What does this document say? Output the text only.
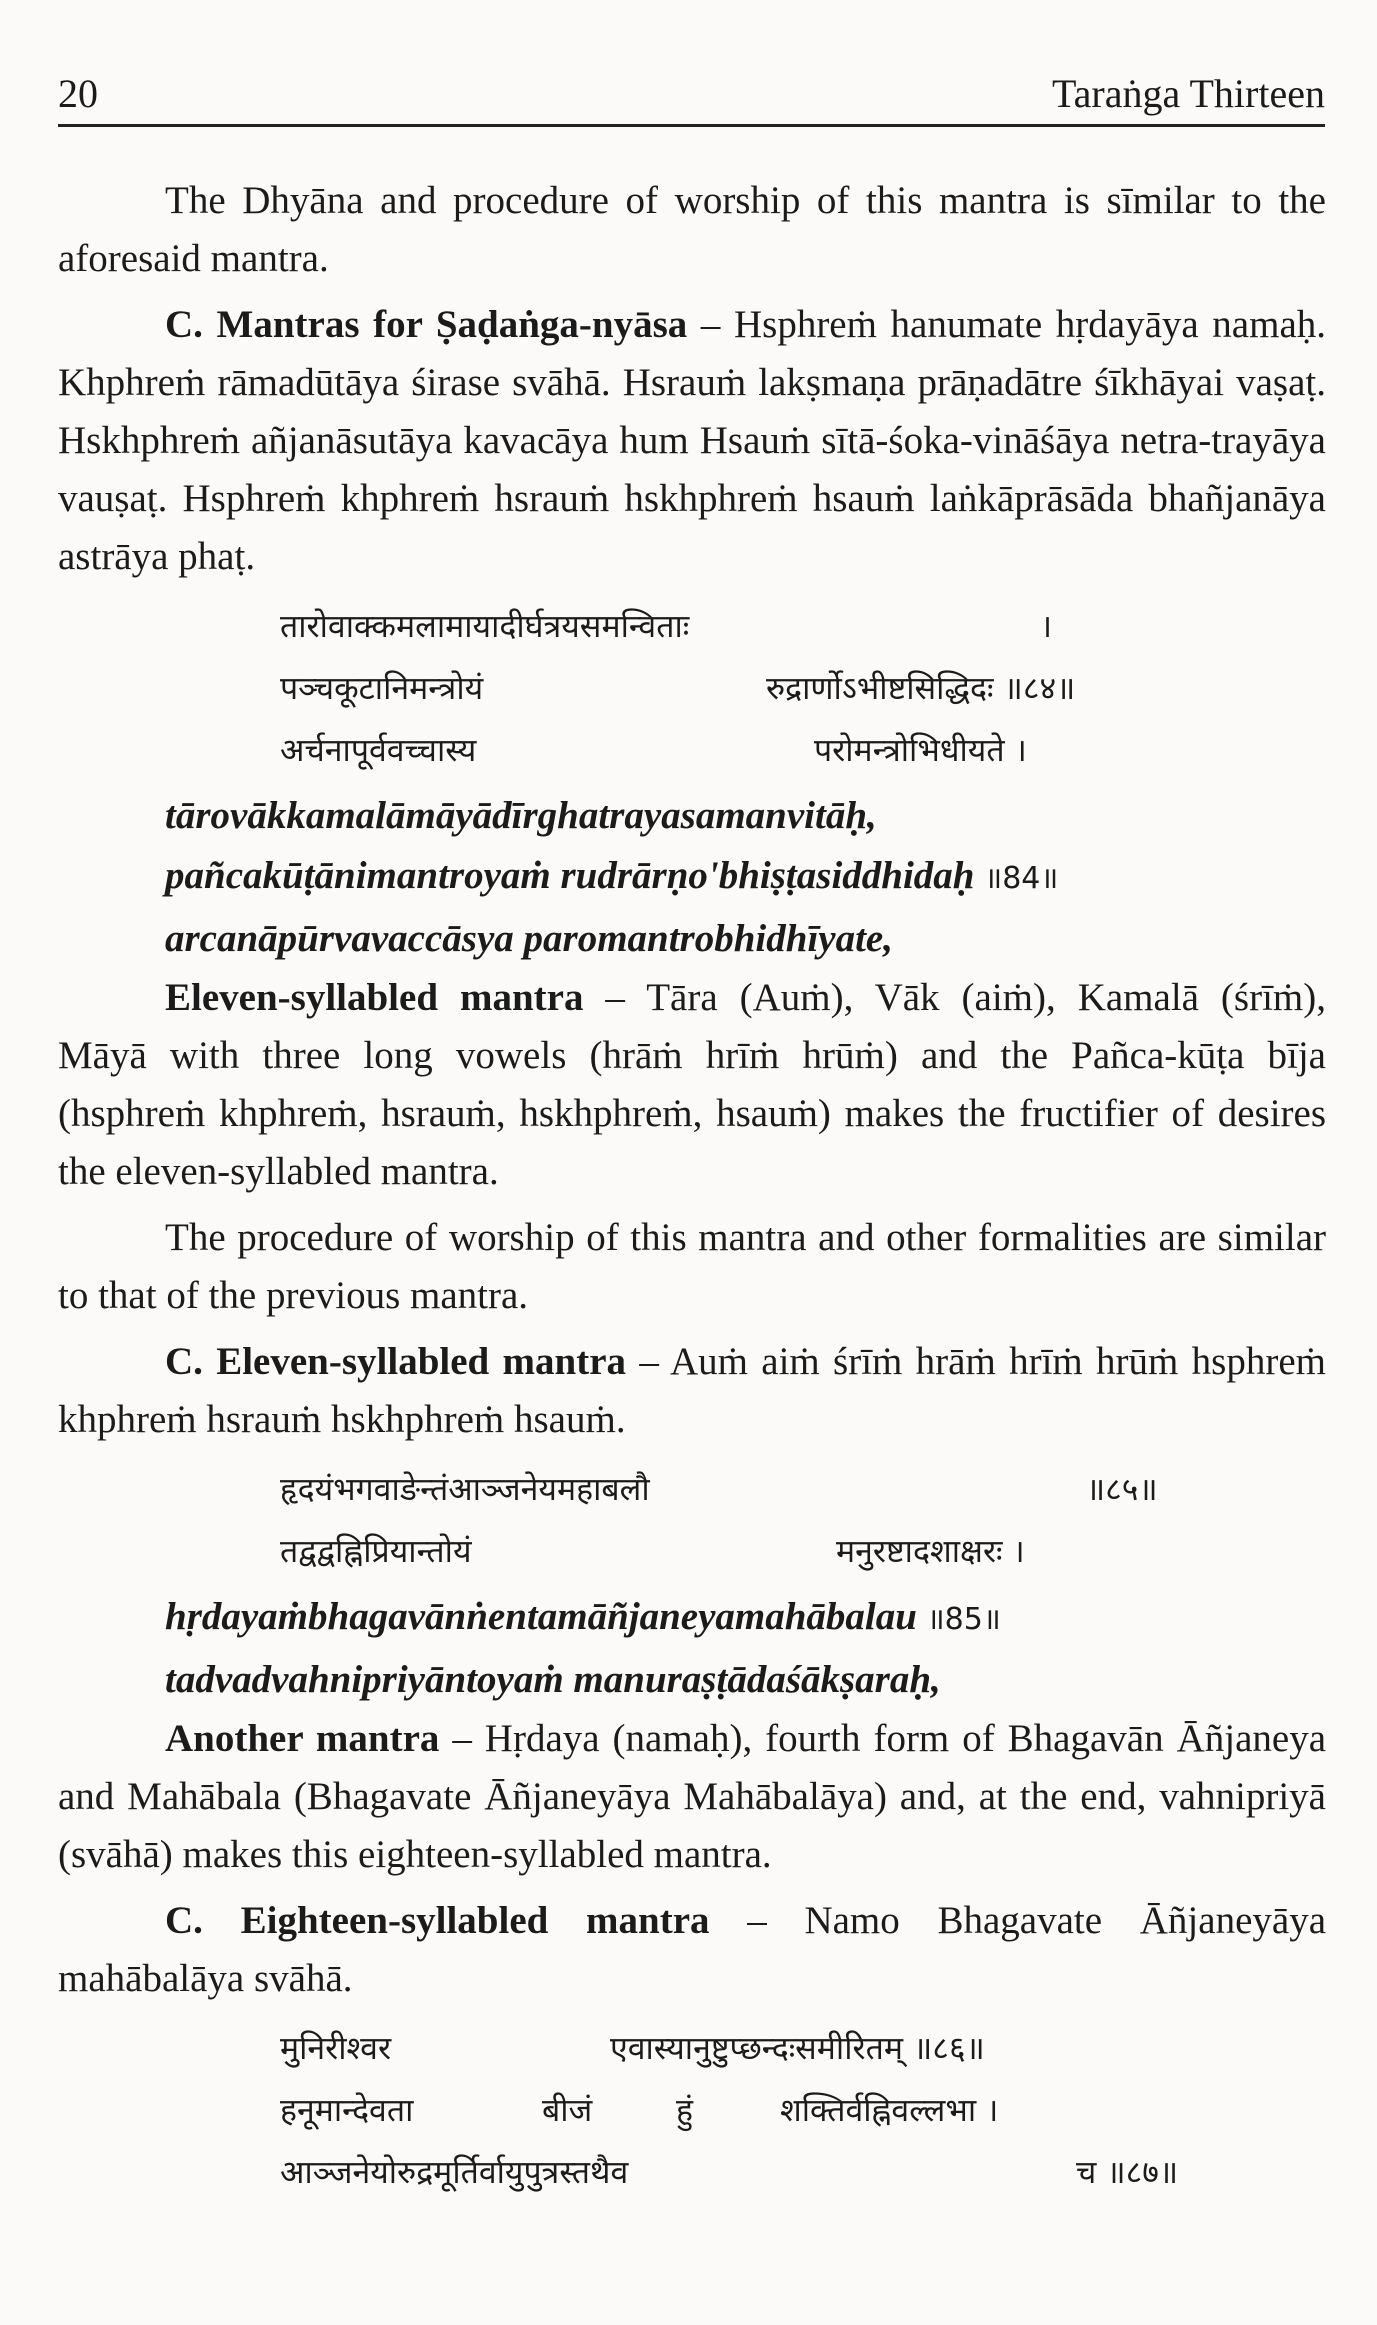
20	Taraṅga Thirteen

The Dhyāna and procedure of worship of this mantra is sīmilar to the aforesaid mantra.

C. Mantras for Ṣaḍaṅga-nyāsa – Hsphreṁ hanumate hṛdayāya namaḥ. Khphreṁ rāmadūtāya śirase svāhā. Hsrauṁ lakṣmaṇa prāṇadātre śīkhāyai vaṣaṭ. Hskhphreṁ añjanāsutāya kavacāya hum Hsauṁ sītā-śoka-vināśāya netra-trayāya vauṣaṭ. Hsphreṁ khphreṁ hsrauṁ hskhphreṁ hsauṁ laṅkāprāsāda bhañjanāya astrāya phaṭ.

तारोवाक्कमलामायादीर्घत्रयसमन्विताः	।
पञ्चकूटानिमन्त्रोयं	रुद्रार्णोऽभीष्टसिद्धिदः ॥८४॥
अर्चनापूर्ववच्चास्य	परोमन्त्रोभिधीयते ।
tārovākkamalāmāyādīrghatrayasamanvitāḥ,
pañcakūṭānimantroyaṁ rudrārṇo'bhiṣṭasiddhidaḥ ॥84॥
arcanāpūrvavaccāsya paromantrobhidhīyate,

Eleven-syllabled mantra – Tāra (Auṁ), Vāk (aiṁ), Kamalā (śrīṁ), Māyā with three long vowels (hrāṁ hrīṁ hrūṁ) and the Pañca-kūṭa bīja (hsphreṁ khphreṁ, hsrauṁ, hskhphreṁ, hsauṁ) makes the fructifier of desires the eleven-syllabled mantra.

The procedure of worship of this mantra and other formalities are similar to that of the previous mantra.

C. Eleven-syllabled mantra – Auṁ aiṁ śrīṁ hrāṁ hrīṁ hrūṁ hsphreṁ khphreṁ hsrauṁ hskhphreṁ hsauṁ.

हृदयंभगवाङेन्तंआञ्जनेयमहाबलौ	॥८५॥
तद्वद्वह्निप्रियान्तोयं	मनुरष्टादशाक्षरः ।
hṛdayaṁbhagavānṅentamāñjaneyamahābalau ॥85॥
tadvadvahnipriyāntoyaṁ manuraṣṭādaśākṣaraḥ,

Another mantra – Hṛdaya (namaḥ), fourth form of Bhagavān Āñjaneya and Mahābala (Bhagavate Āñjaneyāya Mahābalāya) and, at the end, vahnipriyā (svāhā) makes this eighteen-syllabled mantra.

C. Eighteen-syllabled mantra – Namo Bhagavate Āñjaneyāya mahābalāya svāhā.

मुनिरीश्वर	एवास्यानुष्टुप्छन्दःसमीरितम् ॥८६॥
हनूमान्देवता	बीजं	हुं	शक्तिर्वह्निवल्लभा ।
आञ्जनेयोरुद्रमूर्तिर्वायुपुत्रस्तथैव	च ॥८७॥
